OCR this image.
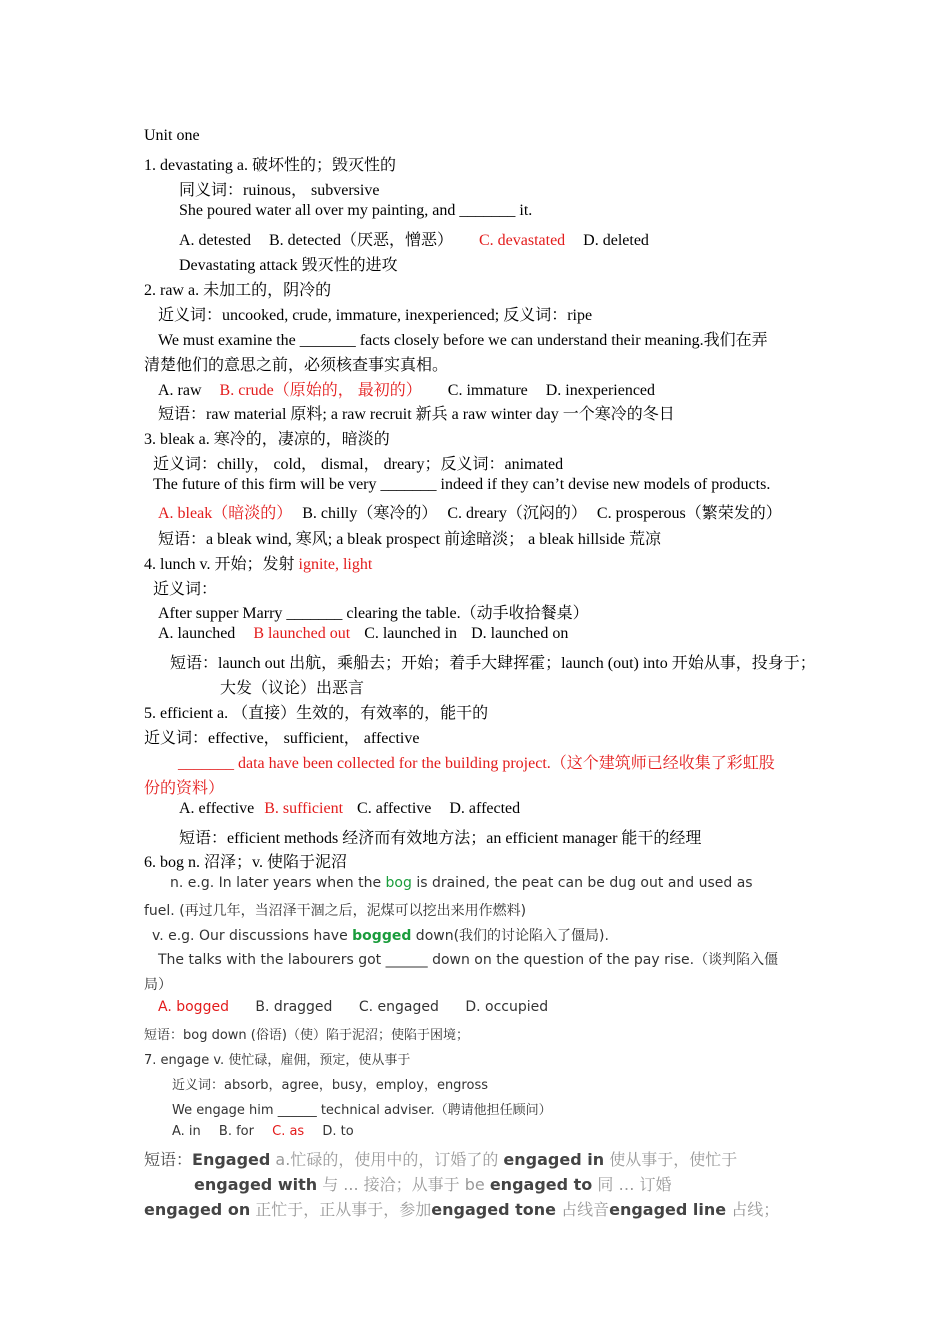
Unit one
1. devastating a. 破坏性的；毁灭性的
同义词：ruinous， subversive
She poured water all over my painting, and _______ it.
A. detested B. detected（厌恶，憎恶） C. devastated D. deleted
Devastating attack 毁灭性的进攻
2. raw a. 未加工的，阴冷的
近义词：uncooked, crude, immature, inexperienced; 反义词：ripe
We must examine the _______ facts closely before we can understand their meaning.我们在弄
清楚他们的意思之前，必须核查事实真相。
A. raw B. crude（原始的， 最初的） C. immature D. inexperienced
短语：raw material 原料; a raw recruit 新兵 a raw winter day 一个寒冷的冬日
3. bleak a. 寒冷的，凄凉的，暗淡的
近义词：chilly， cold， dismal， dreary；反义词：animated
The future of this firm will be very _______ indeed if they can’t devise new models of products.
A. bleak（暗淡的） B. chilly（寒冷的） C. dreary（沉闷的） C. prosperous（繁荣发的）
短语：a bleak wind, 寒风; a bleak prospect 前途暗淡； a bleak hillside 荒凉
4. lunch v. 开始；发射 ignite, light
近义词：
After supper Marry _______ clearing the table.（动手收拾餐桌）
A. launched B launched out C. launched in D. launched on
短语：launch out 出航，乘船去；开始；着手大肆挥霍；launch (out) into 开始从事，投身于；
大发（议论）出恶言
5. efficient a. （直接）生效的，有效率的，能干的
近义词：effective， sufficient， affective
_______ data have been collected for the building project.（这个建筑师已经收集了彩虹股
份的资料）
A. effective B. sufficient C. affective D. affected
短语：efficient methods 经济而有效地方法；an efficient manager 能干的经理
6. bog n. 沼泽；v. 使陷于泥沼
n. e.g. In later years when the bog is drained, the peat can be dug out and used as
fuel. (再过几年，当沼泽干涸之后，泥煤可以挖出来用作燃料)
v. e.g. Our discussions have bogged down(我们的讨论陷入了僵局).
The talks with the labourers got ______ down on the question of the pay rise.（谈判陷入僵
局）
A. bogged B. dragged C. engaged D. occupied
短语：bog down (俗语)（使）陷于泥沼；使陷于困境；
7. engage v. 使忙碌，雇佣，预定，使从事于
近义词：absorb，agree，busy，employ，engross
We engage him ______ technical adviser.（聘请他担任顾问）
A. in B. for C. as D. to
短语：Engaged a.忙碌的，使用中的，订婚了的 engaged in 使从事于，使忙于
engaged with 与 ... 接洽；从事于 be engaged to 同 … 订婚
engaged on 正忙于，正从事于，参加engaged tone 占线音engaged line 占线；
